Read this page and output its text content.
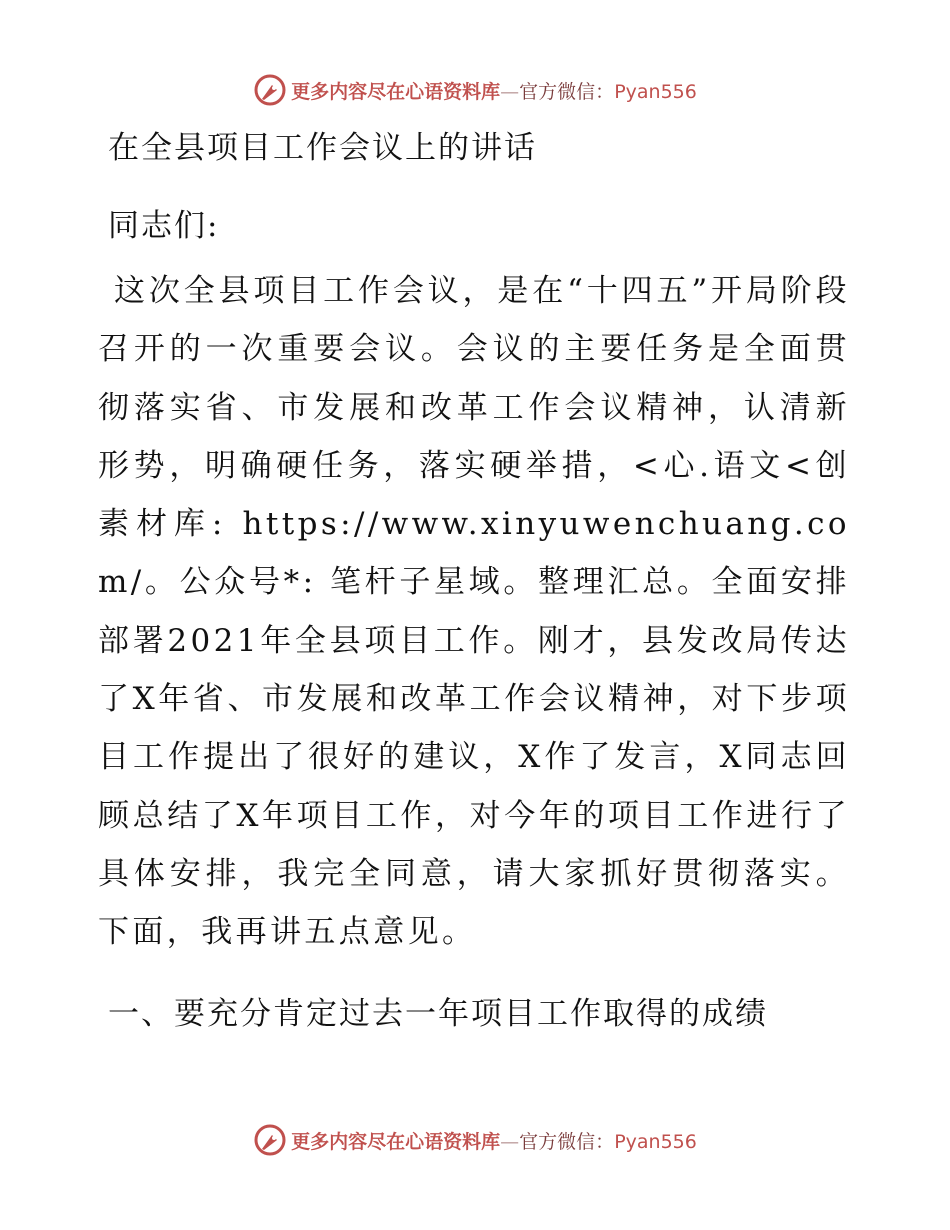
更多内容尽在心语资料库—官方微信：Pyan556
在全县项目工作会议上的讲话

同志们:

这次全县项目工作会议，是在“十四五”开局阶段召开的一次重要会议。会议的主要任务是全面贯彻落实省、市发展和改革工作会议精神，认清新形势，明确硬任务，落实硬举措，<心.语文<创素材库: https://www.xinyuwenchuang.com/。公众号*: 笔杆子星域。整理汇总。全面安排部署2021年全县项目工作。刚才，县发改局传达了X年省、市发展和改革工作会议精神，对下步项目工作提出了很好的建议，X作了发言，X同志回顾总结了X年项目工作，对今年的项目工作进行了具体安排，我完全同意，请大家抓好贯彻落实。下面，我再讲五点意见。

一、要充分肯定过去一年项目工作取得的成绩
更多内容尽在心语资料库—官方微信：Pyan556
